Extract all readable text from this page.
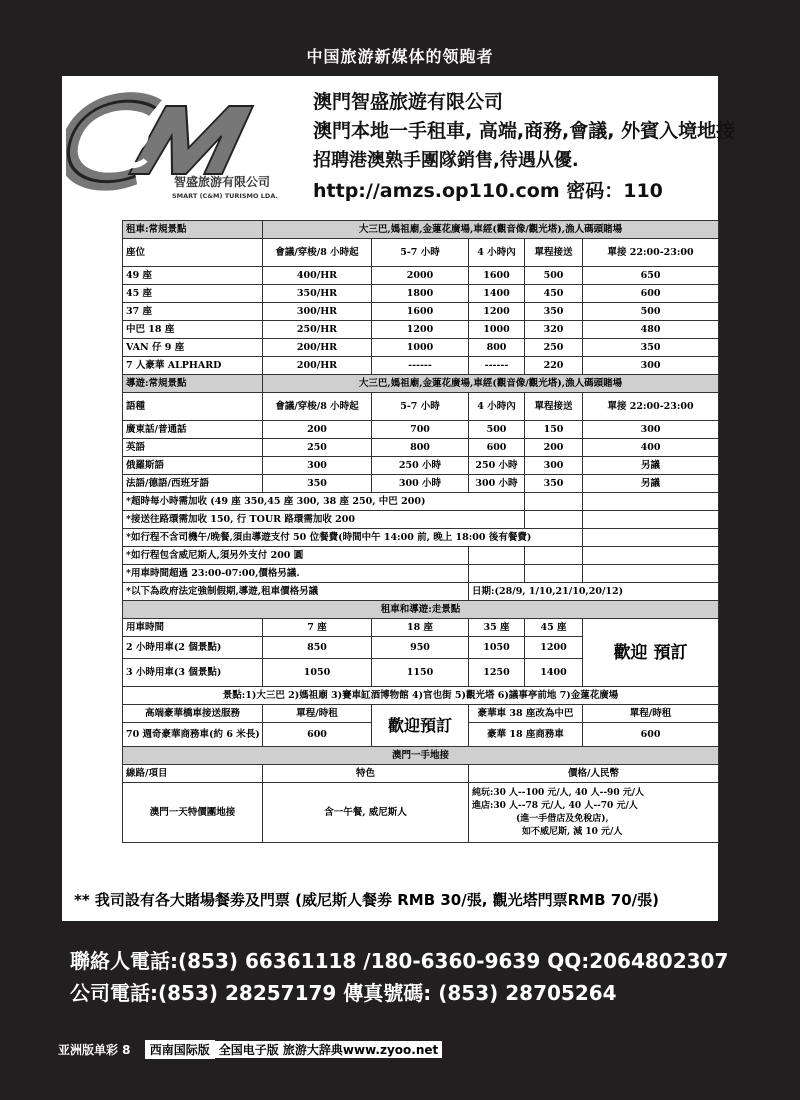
中国旅游新媒体的领跑者
智盛旅游有限公司
SMART (C&M) TURISMO LDA.
澳門智盛旅遊有限公司
澳門本地一手租車, 高端,商務,會議, 外賓入境地接
招聘港澳熟手團隊銷售,待遇从優.
http://amzs.op110.com 密码：110
租車:常規景點	大三巴,媽祖廟,金蓮花廣場,車經(觀音像/觀光塔),漁人碼頭賭場				
座位	會議/穿梭/8 小時起	5-7 小時	4 小時內	單程接送	單接 22:00-23:00
49 座	400/HR	2000	1600	500	650
45 座	350/HR	1800	1400	450	600
37 座	300/HR	1600	1200	350	500
中巴 18 座	250/HR	1200	1000	320	480
VAN 仔 9 座	200/HR	1000	800	250	350
7 人豪華 ALPHARD	200/HR	------	------	220	300
導遊:常規景點	大三巴,媽祖廟,金蓮花廣場,車經(觀音像/觀光塔),漁人碼頭賭場				
語種	會議/穿梭/8 小時起	5-7 小時	4 小時內	單程接送	單接 22:00-23:00
廣東話/普通話	200	700	500	150	300
英語	250	800	600	200	400
俄羅斯語	300	250 小時	250 小時	300	另議
法語/德語/西班牙語	350	300 小時	300 小時	350	另議
*超時每小時需加收 (49 座 350,45 座 300, 38 座 250, 中巴 200)					
*接送往路環需加收 150, 行 TOUR 路環需加收 200					
*如行程不含司機午/晚餐,須由導遊支付 50 位餐費(時間中午 14:00 前, 晚上 18:00 後有餐費)					
*如行程包含威尼斯人,須另外支付 200 圓					
*用車時間超過 23:00-07:00,價格另議.					
*以下為政府法定強制假期,導遊,租車價格另議			日期:(28/9, 1/10,21/10,20/12)		
租車和導遊:走景點					
用車時間	7 座	18 座	35 座	45 座	歡迎 預訂
2 小時用車(2 個景點)	850	950	1050	1200	
3 小時用車(3 個景點)	1050	1150	1250	1400	
景點:1)大三巴 2)媽祖廟 3)賽車缸酒博物館 4)官也街 5)觀光塔 6)議事亭前地 7)金蓮花廣場					
高端豪華橋車接送服務	單程/時租	歡迎預訂	豪華車 38 座改為中巴		單程/時租
70 週奇豪華商務車(約 6 米長)	600		豪華 18 座商務車		600
澳門一手地接					
線路/項目	特色		價格/人民幣		
澳門一天特價團地接	含一午餐, 威尼斯人		純玩:30 人--100 元/人, 40 人--90 元/人
進店:30 人--78 元/人, 40 人--70 元/人
(進一手借店及免稅店),
如不威尼斯, 減 10 元/人		
** 我司設有各大賭場餐劵及門票 (威尼斯人餐劵 RMB 30/張, 觀光塔門票RMB 70/張)
聯絡人電話:(853) 66361118 /180-6360-9639 QQ:2064802307
公司電話:(853) 28257179 傳真號碼: (853) 28705264
亚洲版单彩 8 西南国际版 全国电子版 旅游大辞典www.zyoo.net
